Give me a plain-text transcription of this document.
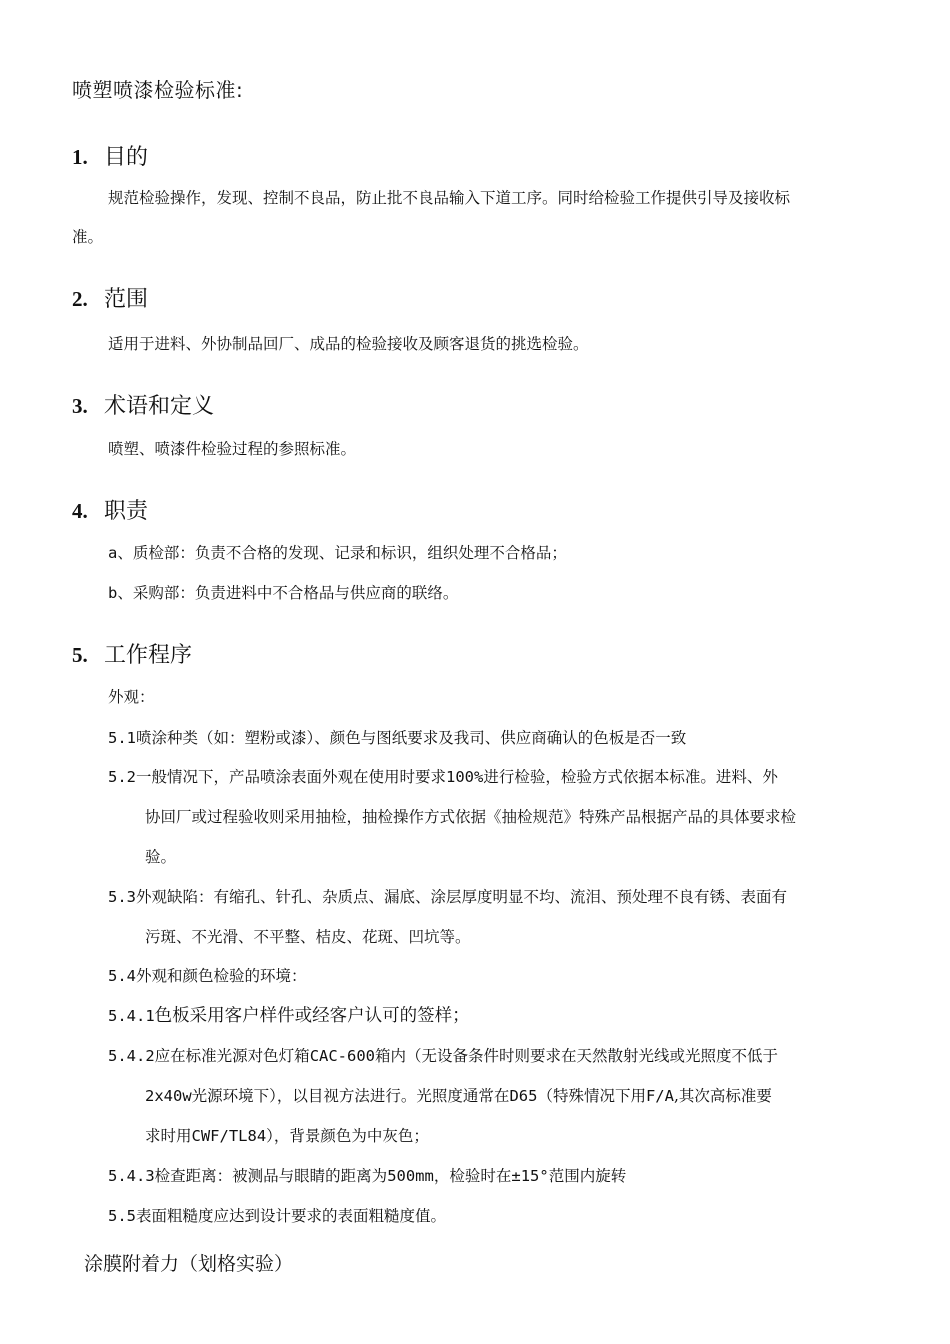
喷塑喷漆检验标准:
1. 目的
规范检验操作，发现、控制不良品，防止批不良品输入下道工序。同时给检验工作提供引导及接收标
准。
2. 范围
适用于进料、外协制品回厂、成品的检验接收及顾客退货的挑选检验。
3. 术语和定义
喷塑、喷漆件检验过程的参照标准。
4. 职责
a、质检部：负责不合格的发现、记录和标识，组织处理不合格品；
b、采购部：负责进料中不合格品与供应商的联络。
5. 工作程序
外观：
5.1喷涂种类（如：塑粉或漆）、颜色与图纸要求及我司、供应商确认的色板是否一致
5.2一般情况下，产品喷涂表面外观在使用时要求100%进行检验，检验方式依据本标准。进料、外
协回厂或过程验收则采用抽检，抽检操作方式依据《抽检规范》特殊产品根据产品的具体要求检
验。
5.3外观缺陷：有缩孔、针孔、杂质点、漏底、涂层厚度明显不均、流泪、预处理不良有锈、表面有
污斑、不光滑、不平整、桔皮、花斑、凹坑等。
5.4外观和颜色检验的环境：
5.4.1色板采用客户样件或经客户认可的签样；
5.4.2应在标准光源对色灯箱CAC-600箱内（无设备条件时则要求在天然散射光线或光照度不低于
2x40w光源环境下），以目视方法进行。光照度通常在D65（特殊情况下用F/A,其次高标准要
求时用CWF/TL84），背景颜色为中灰色；
5.4.3检查距离：被测品与眼睛的距离为500mm，检验时在±15°范围内旋转
5.5表面粗糙度应达到设计要求的表面粗糙度值。
涂膜附着力（划格实验）
